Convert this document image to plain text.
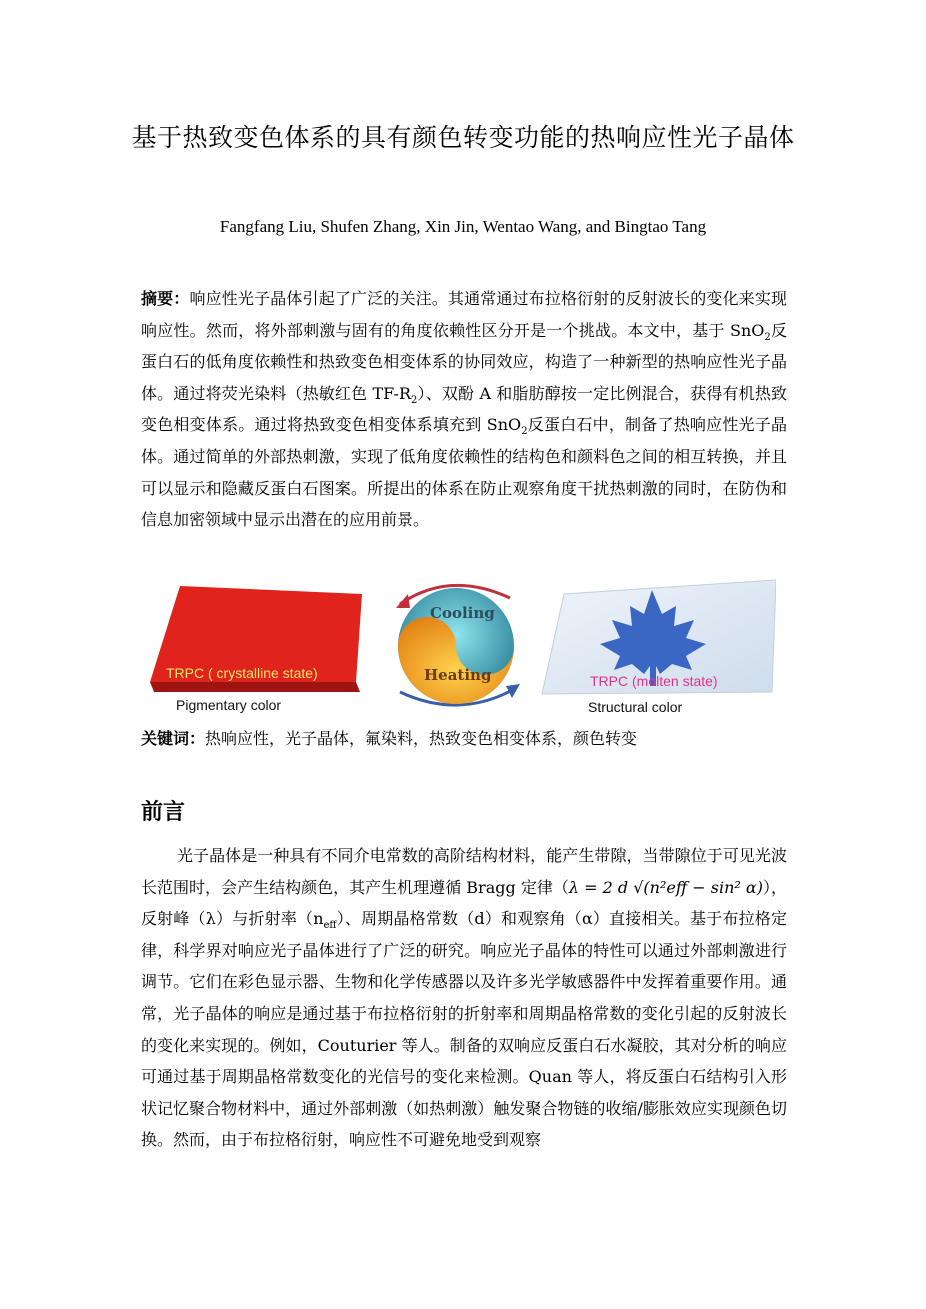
基于热致变色体系的具有颜色转变功能的热响应性光子晶体
Fangfang Liu, Shufen Zhang, Xin Jin, Wentao Wang, and Bingtao Tang

摘要：响应性光子晶体引起了广泛的关注。其通常通过布拉格衍射的反射波长的变化来实现响应性。然而，将外部刺激与固有的角度依赖性区分开是一个挑战。本文中，基于 SnO$_2$反蛋白石的低角度依赖性和热致变色相变体系的协同效应，构造了一种新型的热响应性光子晶体。通过将荧光染料（热敏红色 $TF-R_2$）、双酚 A 和脂肪醇按一定比例混合，获得有机热致变色相变体系。通过将热致变色相变体系填充到 SnO$_2$反蛋白石中，制备了热响应性光子晶体。通过简单的外部热刺激，实现了低角度依赖性的结构色和颜料色之间的相互转换，并且可以显示和隐藏反蛋白石图案。所提出的体系在防止观察角度干扰热刺激的同时，在防伪和信息加密领域中显示出潜在的应用前景。

TRPC ( crystalline state)
Pigmentary color
Cooling
Heating	TRPC (molten state)
Structural color

关键词：热响应性，光子晶体，氟染料，热致变色相变体系，颜色转变

前言

光子晶体是一种具有不同介电常数的高阶结构材料，能产生带隙，当带隙位于可见光波长范围时，会产生结构颜色，其产生机理遵循 Bragg 定律（λ = 2 d √(n²eff − sin² α)），反射峰（λ）与折射率$(n_{eff})$、周期晶格常数（d）和观察角（α）直接相关。基于布拉格定律，科学界对响应光子晶体进行了广泛的研究。响应光子晶体的特性可以通过外部刺激进行调节。它们在彩色显示器、生物和化学传感器以及许多光学敏感器件中发挥着重要作用。通常，光子晶体的响应是通过基于布拉格衍射的折射率和周期晶格常数的变化引起的反射波长的变化来实现的。例如，Couturier 等人。制备的双响应反蛋白石水凝胶，其对分析的响应可通过基于周期晶格常数变化的光信号的变化来检测。Quan 等人，将反蛋白石结构引入形状记忆聚合物材料中，通过外部刺激（如热刺激）触发聚合物链的收缩/膨胀效应实现颜色切换。然而，由于布拉格衍射，响应性不可避免地受到观察
